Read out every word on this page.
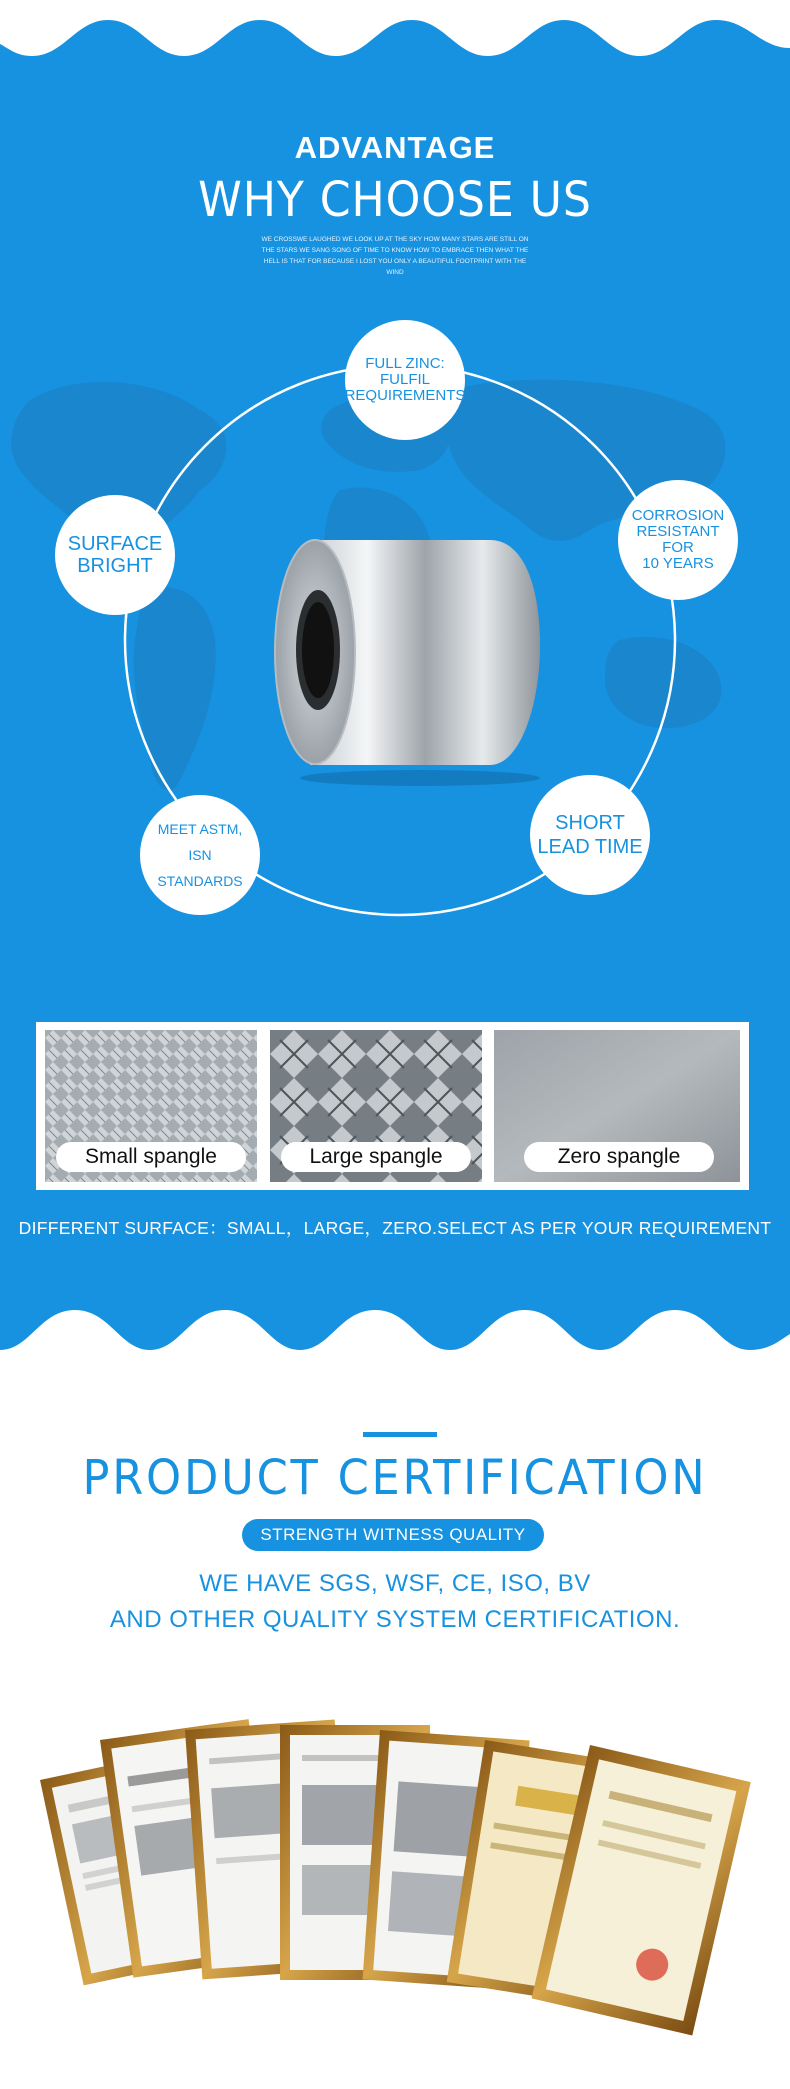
ADVANTAGE
WHY CHOOSE US
WE CROSSWE LAUGHED WE LOOK UP AT THE SKY HOW MANY STARS ARE STILL ON THE STARS WE SANG SONG OF TIME TO KNOW HOW TO EMBRACE THEN WHAT THE HELL IS THAT FOR BECAUSE I LOST YOU ONLY A BEAUTIFUL FOOTPRINT WITH THE WIND
FULL ZINC:
FULFIL
REQUIREMENTS
CORROSION
RESISTANT
FOR
10 YEARS
SHORT
LEAD TIME
MEET ASTM,
ISN
STANDARDS
SURFACE
BRIGHT
Small spangle	Large spangle	Zero spangle
DIFFERENT SURFACE：SMALL，LARGE，ZERO.SELECT AS PER YOUR REQUIREMENT
PRODUCT CERTIFICATION
STRENGTH WITNESS QUALITY
WE HAVE SGS, WSF, CE, ISO, BV
AND OTHER QUALITY SYSTEM CERTIFICATION.
